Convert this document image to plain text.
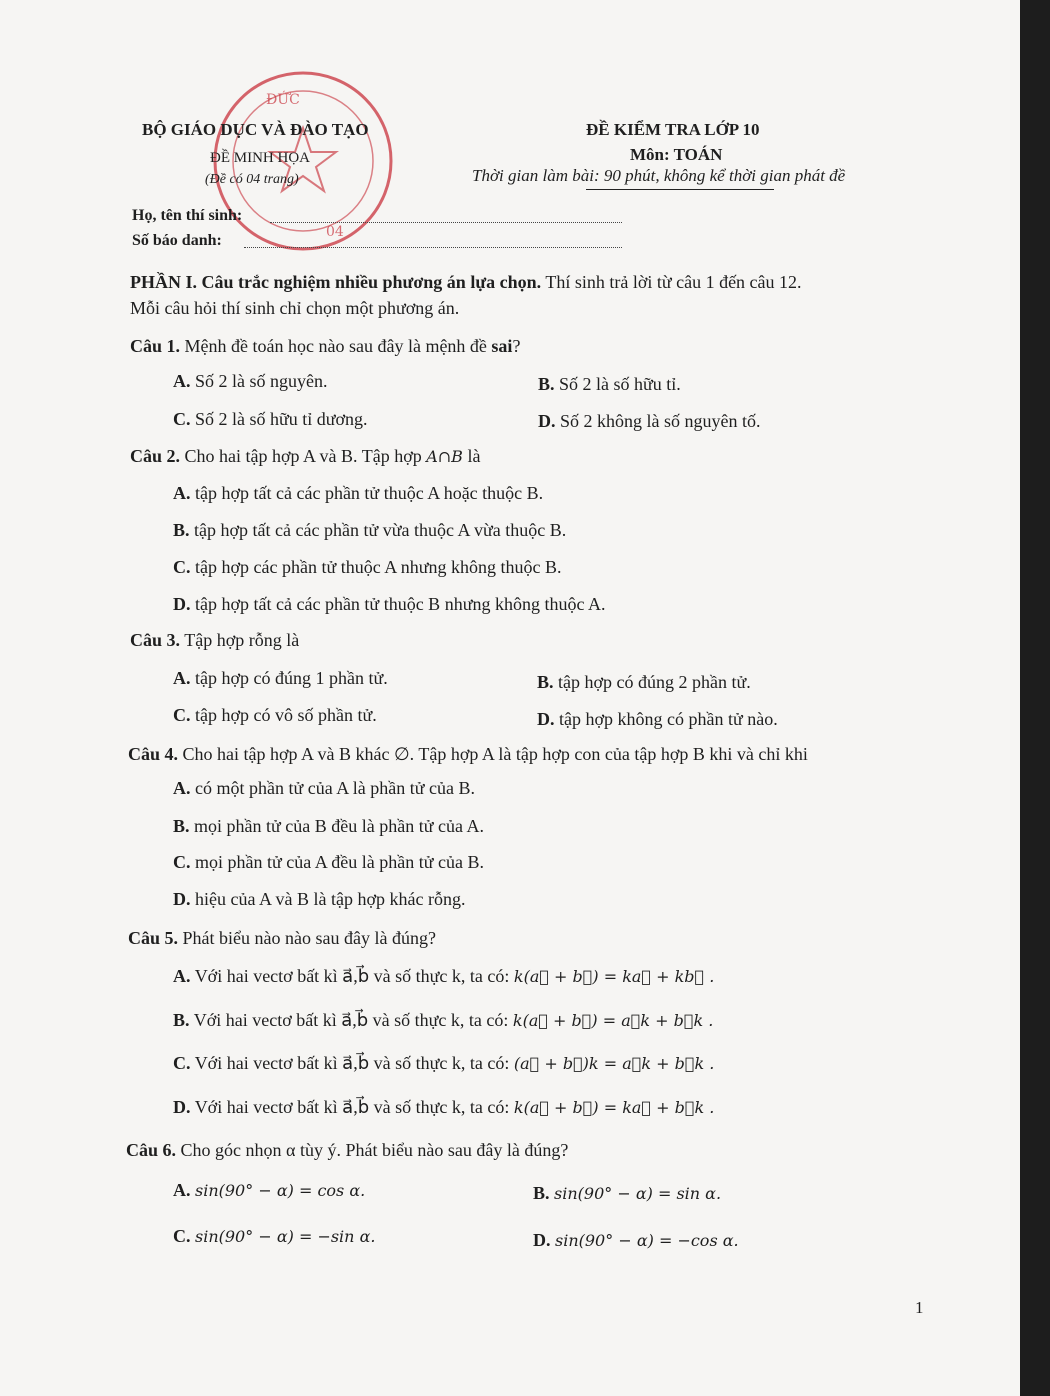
ĐỨC
04
BỘ GIÁO DỤC VÀ ĐÀO TẠO
ĐỀ MINH HỌA
(Đề có 04 trang)
ĐỀ KIỂM TRA LỚP 10
Môn: TOÁN
Thời gian làm bài: 90 phút, không kể thời gian phát đề
Họ, tên thí sinh:
Số báo danh:
PHẦN I. Câu trắc nghiệm nhiều phương án lựa chọn. Thí sinh trả lời từ câu 1 đến câu 12.
Mỗi câu hỏi thí sinh chỉ chọn một phương án.
Câu 1. Mệnh đề toán học nào sau đây là mệnh đề sai?
A. Số 2 là số nguyên.	B. Số 2 là số hữu tỉ.
C. Số 2 là số hữu tỉ dương.	D. Số 2 không là số nguyên tố.
Câu 2. Cho hai tập hợp A và B. Tập hợp A∩B là
A. tập hợp tất cả các phần tử thuộc A hoặc thuộc B.
B. tập hợp tất cả các phần tử vừa thuộc A vừa thuộc B.
C. tập hợp các phần tử thuộc A nhưng không thuộc B.
D. tập hợp tất cả các phần tử thuộc B nhưng không thuộc A.
Câu 3. Tập hợp rỗng là
A. tập hợp có đúng 1 phần tử.	B. tập hợp có đúng 2 phần tử.
C. tập hợp có vô số phần tử.	D. tập hợp không có phần tử nào.
Câu 4. Cho hai tập hợp A và B khác ∅. Tập hợp A là tập hợp con của tập hợp B khi và chỉ khi
A. có một phần tử của A là phần tử của B.
B. mọi phần tử của B đều là phần tử của A.
C. mọi phần tử của A đều là phần tử của B.
D. hiệu của A và B là tập hợp khác rỗng.
Câu 5. Phát biểu nào nào sau đây là đúng?
A. Với hai vectơ bất kì a⃗,b⃗ và số thực k, ta có: k(a⃗ + b⃗) = ka⃗ + kb⃗ .
B. Với hai vectơ bất kì a⃗,b⃗ và số thực k, ta có: k(a⃗ + b⃗) = a⃗k + b⃗k .
C. Với hai vectơ bất kì a⃗,b⃗ và số thực k, ta có: (a⃗ + b⃗)k = a⃗k + b⃗k .
D. Với hai vectơ bất kì a⃗,b⃗ và số thực k, ta có: k(a⃗ + b⃗) = ka⃗ + b⃗k .
Câu 6. Cho góc nhọn α tùy ý. Phát biểu nào sau đây là đúng?
A. sin(90° − α) = cos α.	B. sin(90° − α) = sin α.
C. sin(90° − α) = −sin α.	D. sin(90° − α) = −cos α.
1
